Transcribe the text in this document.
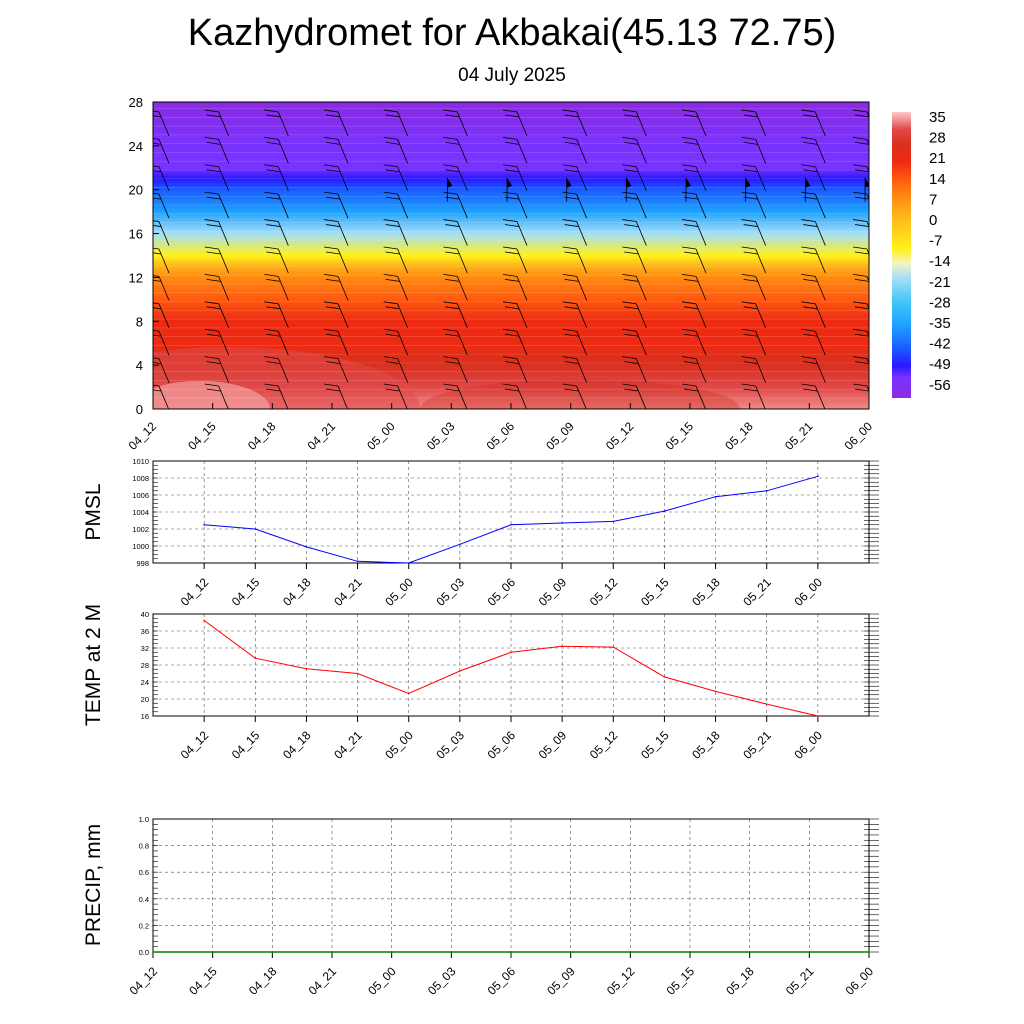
Kazhydromet for Akbakai(45.13 72.75)
04 July 2025
0
4
8
12
16
20
24
28
04_12 04_15 04_18 04_21 05_00 05_03 05_06 05_09 05_12 05_15 05_18 05_21 06_00
35
28
21
14
7
0
-7
-14
-21
-28
-35
-42
-49
-56
998
1000
1002
1004
1006
1008
1010
04_12 04_15 04_18 04_21 05_00 05_03 05_06 05_09 05_12 05_15 05_18 05_21 06_00
PMSL
16
20
24
28
32
36
40
04_12 04_15 04_18 04_21 05_00 05_03 05_06 05_09 05_12 05_15 05_18 05_21 06_00
TEMP at 2 M
0.0
0.2
0.4
0.6
0.8
1.0
04_12 04_15 04_18 04_21 05_00 05_03 05_06 05_09 05_12 05_15 05_18 05_21 06_00
PRECIP, mm
